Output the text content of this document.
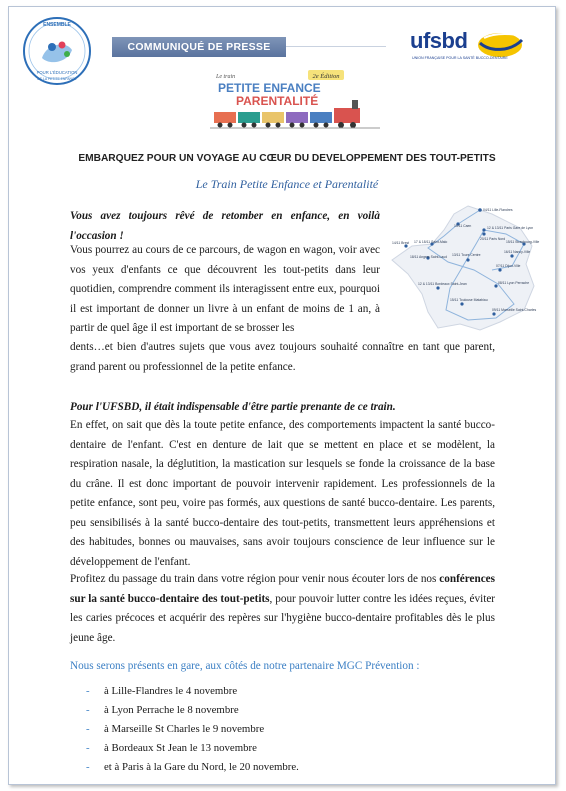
ENSEMBLE
POUR L'ÉDUCATION
DE LA PETITE ENFANCE
COMMUNIQUÉ DE PRESSE	ufsbd
UNION FRANÇAISE POUR LA SANTÉ BUCCO-DENTAIRE
Le train
PETITE ENFANCE
PARENTALITÉ
2e Édition
EMBARQUEZ POUR UN VOYAGE AU CŒUR DU DEVELOPPEMENT DES TOUT-PETITS
Le Train Petite Enfance et Parentalité
Vous avez toujours rêvé de retomber en enfance, en voilà l'occasion !
Vous pourrez au cours de ce parcours, de wagon en wagon, voir avec vos yeux d'enfants ce que découvrent les tout-petits dans leur quotidien, comprendre comment ils interagissent entre eux, pourquoi il est important de donner un livre à un enfant de moins de 1 an, à partir de quel âge il est important de se brosser les
dents…et bien d'autres sujets que vous avez toujours souhaité connaître en tant que parent, grand parent ou professionnel de la petite enfance.
04/11 Lille-Flandres
10/11 Caen	12 & 13/11 Paris Gare de Lyon
15/11 Strasbourg-Ville
14/11 Brest 17 & 18/11 Saint-Malo
20/11 Paris Nord
16/11 Nancy-Ville
18/11 Angers Saint-Laud 13/11 Tours Centre
07/11 Dijon-Ville
08/11 Lyon Perrache
12 & 13/11 Bordeaux Saint-Jean
15/11 Toulouse Matabiau
09/11 Marseille Saint-Charles
Pour l'UFSBD, il était indispensable d'être partie prenante de ce train.
En effet, on sait que dès la toute petite enfance, des comportements impactent la santé bucco-dentaire de l'enfant. C'est en denture de lait que se mettent en place et se modèlent, la respiration nasale, la déglutition, la mastication sur lesquels se fonde la croissance de la base du crâne. Il est donc important de pouvoir intervenir rapidement. Les professionnels de la petite enfance, sont peu, voire pas formés, aux questions de santé bucco-dentaire. Les parents, peu sensibilisés à la santé bucco-dentaire des tout-petits, transmettent leurs appréhensions et des habitudes, bonnes ou mauvaises, sans avoir toujours conscience de leur influence sur le développement de l'enfant.
Profitez du passage du train dans votre région pour venir nous écouter lors de nos conférences sur la santé bucco-dentaire des tout-petits, pour pouvoir lutter contre les idées reçues, éviter les caries précoces et acquérir des repères sur l'hygiène bucco-dentaire profitables dès le plus jeune âge.
Nous serons présents en gare, aux côtés de notre partenaire MGC Prévention :
- à Lille-Flandres le 4 novembre
- à Lyon Perrache le 8 novembre
- à Marseille St Charles le 9 novembre
- à Bordeaux St Jean le 13 novembre
- et à Paris à la Gare du Nord, le 20 novembre.
